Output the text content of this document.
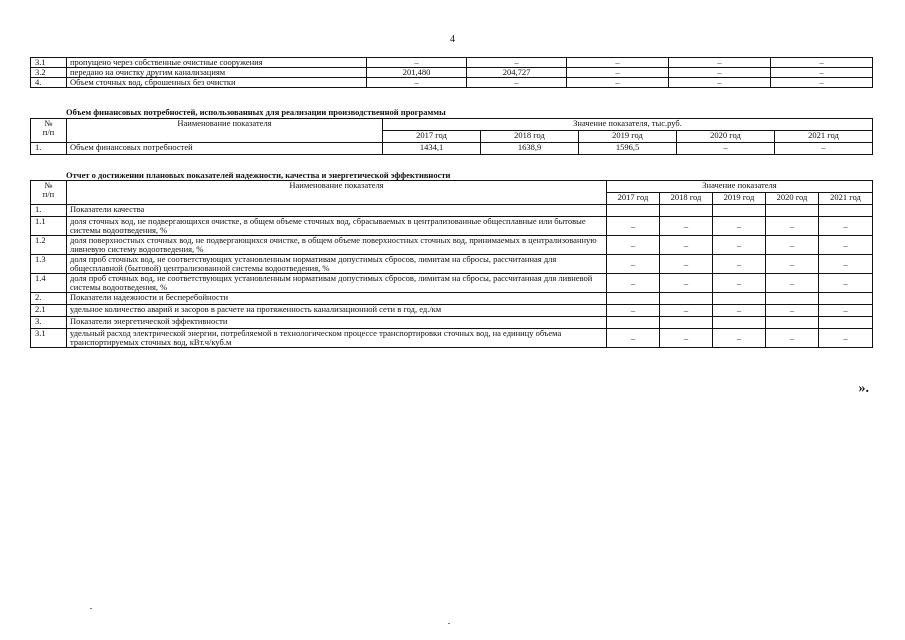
4
3.1	пропущено через собственные очистные сооружения	–	–	–	–	–
3.2	передано на очистку другим канализациям	201,480	204,727	–	–	–
4.	Объем сточных вод, сброшенных без очистки	–	–	–	–	–
Объем финансовых потребностей, использованных для реализации производственной программы
№
п/п	Наименование показателя	Значение показателя, тыс.руб.				
		2017 год	2018 год	2019 год	2020 год	2021 год
1.	Объем финансовых потребностей	1434,1	1638,9	1596,5	–	–
Отчет о достижении плановых показателей надежности, качества и энергетической эффективности
№
п/п	Наименование показателя	Значение показателя				
		2017 год	2018 год	2019 год	2020 год	2021 год
1.	Показатели качества					
1.1	доля сточных вод, не подвергающихся очистке, в общем объеме сточных вод, сбрасываемых в централизованные общесплавные или бытовые системы водоотведения, %	–	–	–	–	–
1.2	доля поверхностных сточных вод, не подвергающихся очистке, в общем объеме поверхностных сточных вод, принимаемых в централизованную ливневую систему водоотведения, %	–	–	–	–	–
1.3	доля проб сточных вод, не соответствующих установленным нормативам допустимых сбросов, лимитам на сбросы, рассчитанная для общесплавной (бытовой) централизованной системы водоотведения, %	–	–	–	–	–
1.4	доля проб сточных вод, не соответствующих установленным нормативам допустимых сбросов, лимитам на сбросы, рассчитанная для ливневой системы водоотведения, %	–	–	–	–	–
2.	Показатели надежности и бесперебойности					
2.1	удельное количество аварий и засоров в расчете на протяженность канализационной сети в год, ед./км	–	–	–	–	–
3.	Показатели энергетической эффективности					
3.1	удельный расход электрической энергии, потребляемой в технологическом процессе транспортировки сточных вод, на единицу объема транспортируемых сточных вод, кВт.ч/куб.м	–	–	–	–	–
».
